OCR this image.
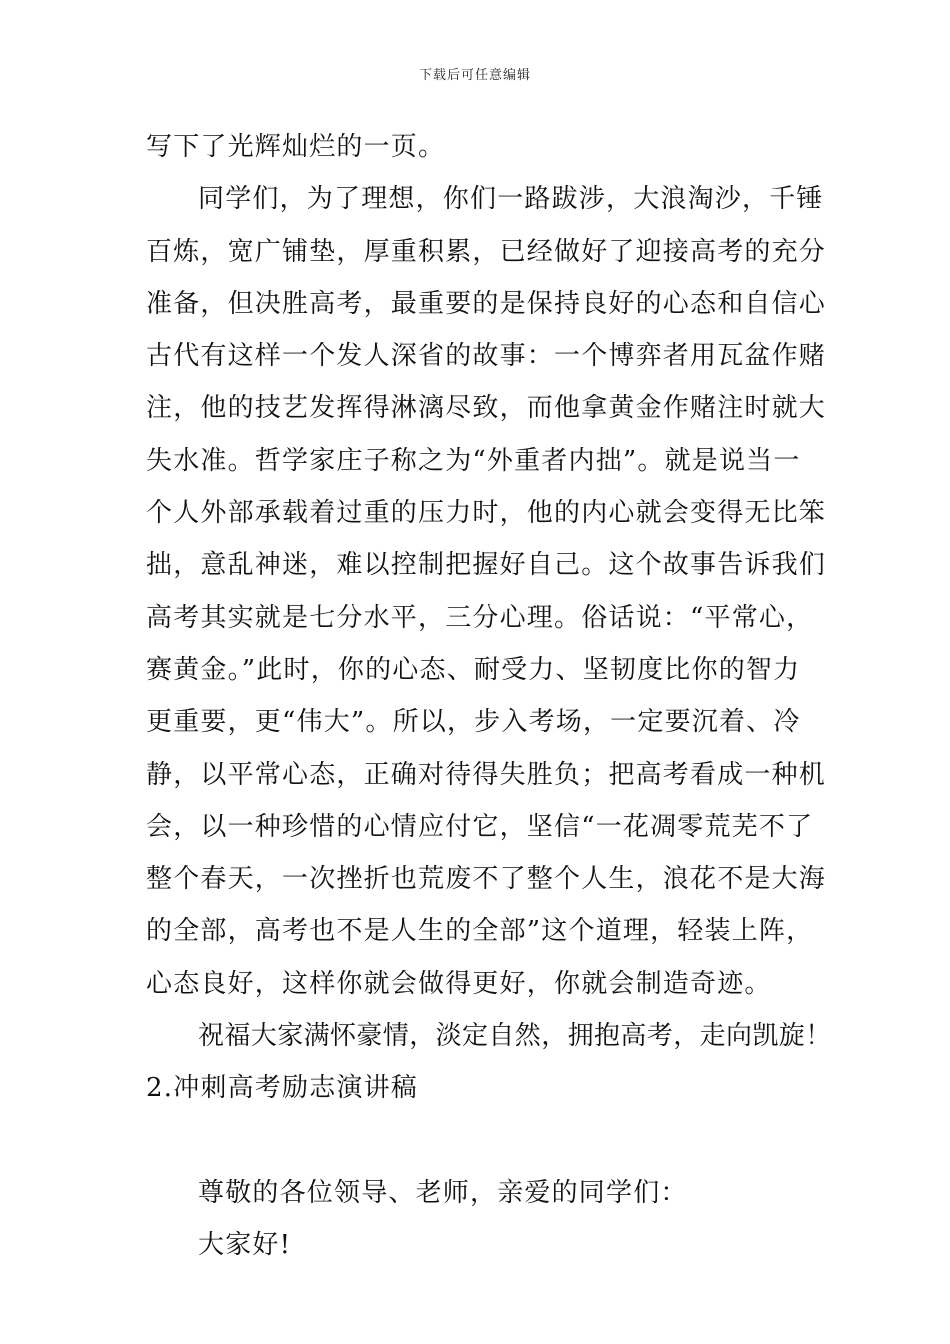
下载后可任意编辑
写下了光辉灿烂的一页。
同学们，为了理想，你们一路跋涉，大浪淘沙，千锤
百炼，宽广铺垫，厚重积累，已经做好了迎接高考的充分
准备，但决胜高考，最重要的是保持良好的心态和自信心
古代有这样一个发人深省的故事：一个博弈者用瓦盆作赌
注，他的技艺发挥得淋漓尽致，而他拿黄金作赌注时就大
失水准。哲学家庄子称之为“外重者内拙”。就是说当一
个人外部承载着过重的压力时，他的内心就会变得无比笨
拙，意乱神迷，难以控制把握好自己。这个故事告诉我们
高考其实就是七分水平，三分心理。俗话说：“平常心，
赛黄金。”此时，你的心态、耐受力、坚韧度比你的智力
更重要，更“伟大”。所以，步入考场，一定要沉着、冷
静，以平常心态，正确对待得失胜负；把高考看成一种机
会，以一种珍惜的心情应付它，坚信“一花凋零荒芜不了
整个春天，一次挫折也荒废不了整个人生，浪花不是大海
的全部，高考也不是人生的全部”这个道理，轻装上阵，
心态良好，这样你就会做得更好，你就会制造奇迹。
祝福大家满怀豪情，淡定自然，拥抱高考，走向凯旋！
2.冲刺高考励志演讲稿
尊敬的各位领导、老师，亲爱的同学们：
大家好!
